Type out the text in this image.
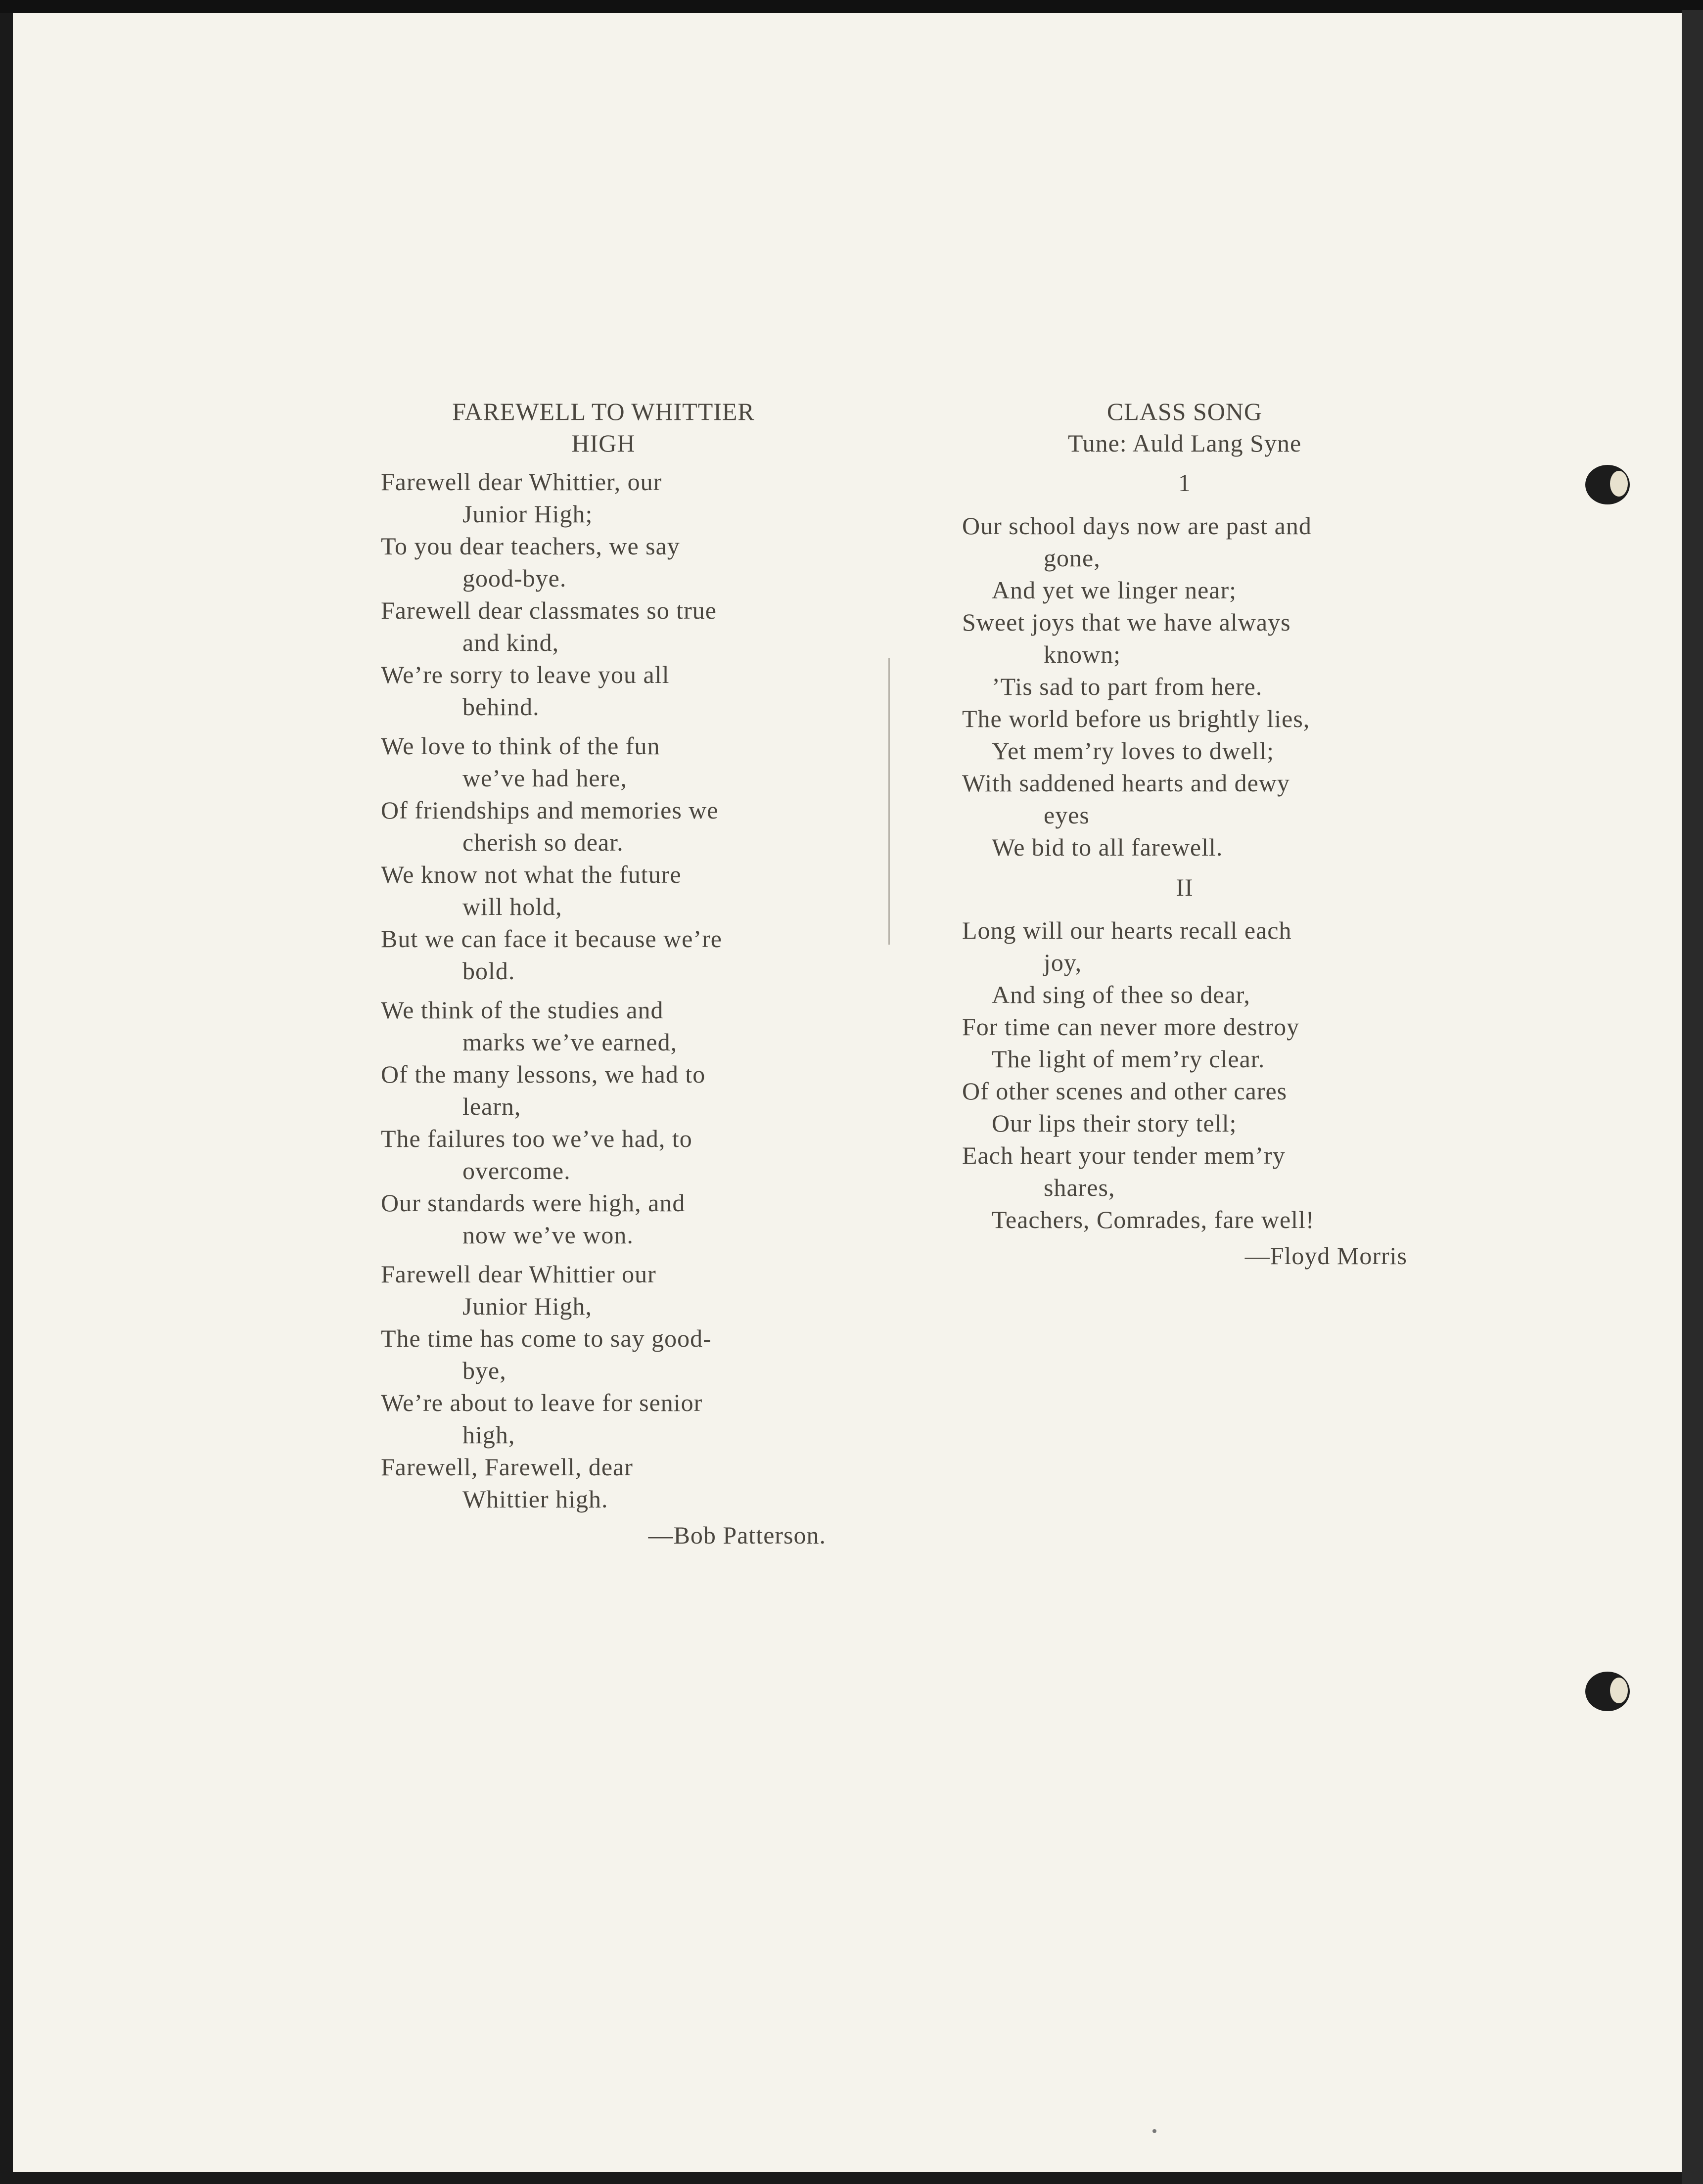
FAREWELL TO WHITTIER
HIGH
Farewell dear Whittier, our
Junior High;
To you dear teachers, we say
good-bye.
Farewell dear classmates so true
and kind,
We’re sorry to leave you all
behind.
We love to think of the fun
we’ve had here,
Of friendships and memories we
cherish so dear.
We know not what the future
will hold,
But we can face it because we’re
bold.
We think of the studies and
marks we’ve earned,
Of the many lessons, we had to
learn,
The failures too we’ve had, to
overcome.
Our standards were high, and
now we’ve won.
Farewell dear Whittier our
Junior High,
The time has come to say good-
bye,
We’re about to leave for senior
high,
Farewell, Farewell, dear
Whittier high.
—Bob Patterson.
CLASS SONG
Tune: Auld Lang Syne
1
Our school days now are past and
gone,
And yet we linger near;
Sweet joys that we have always
known;
’Tis sad to part from here.
The world before us brightly lies,
Yet mem’ry loves to dwell;
With saddened hearts and dewy
eyes
We bid to all farewell.
II
Long will our hearts recall each
joy,
And sing of thee so dear,
For time can never more destroy
The light of mem’ry clear.
Of other scenes and other cares
Our lips their story tell;
Each heart your tender mem’ry
shares,
Teachers, Comrades, fare well!
—Floyd Morris
